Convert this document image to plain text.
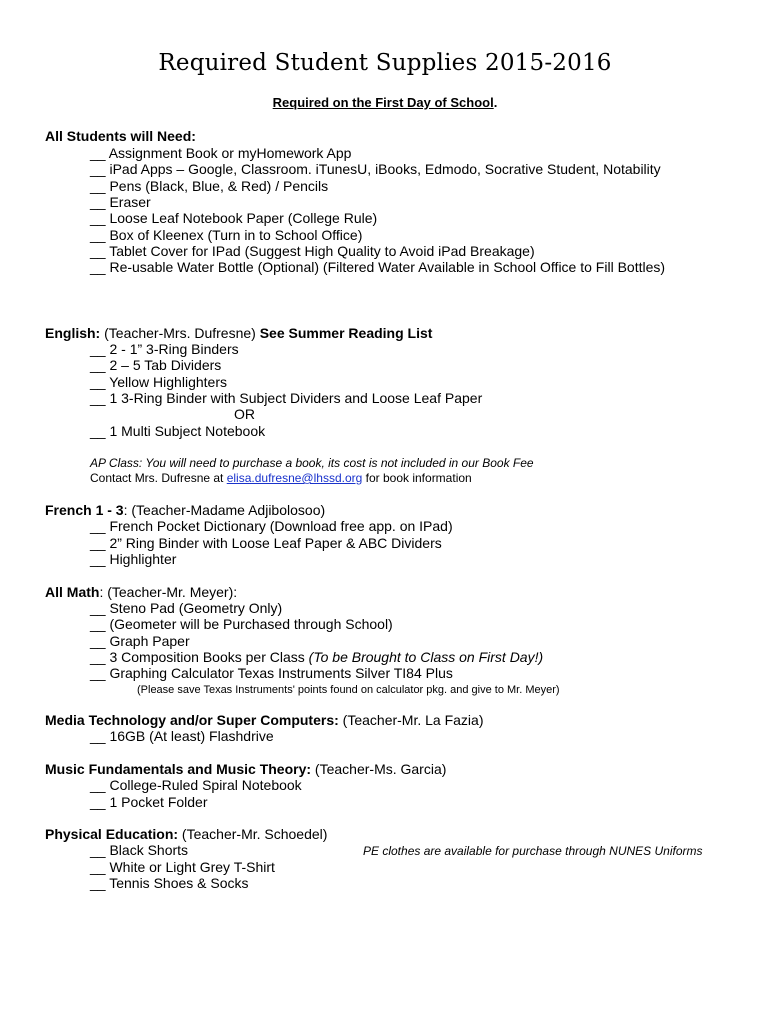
Required Student Supplies 2015-2016
Required on the First Day of School.
All Students will Need:
__ Assignment Book or myHomework App
__ iPad Apps – Google, Classroom. iTunesU, iBooks, Edmodo, Socrative Student, Notability
__ Pens (Black, Blue, & Red) / Pencils
__ Eraser
__ Loose Leaf Notebook Paper (College Rule)
__ Box of Kleenex (Turn in to School Office)
__ Tablet Cover for IPad (Suggest High Quality to Avoid iPad Breakage)
__ Re-usable Water Bottle (Optional) (Filtered Water Available in School Office to Fill Bottles)
English: (Teacher-Mrs. Dufresne) See Summer Reading List
__ 2 - 1” 3-Ring Binders
__ 2 – 5 Tab Dividers
__ Yellow Highlighters
__ 1 3-Ring Binder with Subject Dividers and Loose Leaf Paper
OR
__ 1 Multi Subject Notebook
AP Class: You will need to purchase a book, its cost is not included in our Book Fee
Contact Mrs. Dufresne at elisa.dufresne@lhssd.org for book information
French 1 - 3: (Teacher-Madame Adjibolosoo)
__ French Pocket Dictionary (Download free app. on IPad)
__ 2” Ring Binder with Loose Leaf Paper & ABC Dividers
__ Highlighter
All Math: (Teacher-Mr. Meyer):
__ Steno Pad (Geometry Only)
__ (Geometer will be Purchased through School)
__ Graph Paper
__ 3 Composition Books per Class (To be Brought to Class on First Day!)
__ Graphing Calculator Texas Instruments Silver TI84 Plus
(Please save Texas Instruments' points found on calculator pkg. and give to Mr. Meyer)
Media Technology and/or Super Computers: (Teacher-Mr. La Fazia)
__ 16GB (At least) Flashdrive
Music Fundamentals and Music Theory: (Teacher-Ms. Garcia)
__ College-Ruled Spiral Notebook
__ 1 Pocket Folder
Physical Education: (Teacher-Mr. Schoedel)
__ Black Shorts	PE clothes are available for purchase through NUNES Uniforms
__ White or Light Grey T-Shirt
__ Tennis Shoes & Socks
